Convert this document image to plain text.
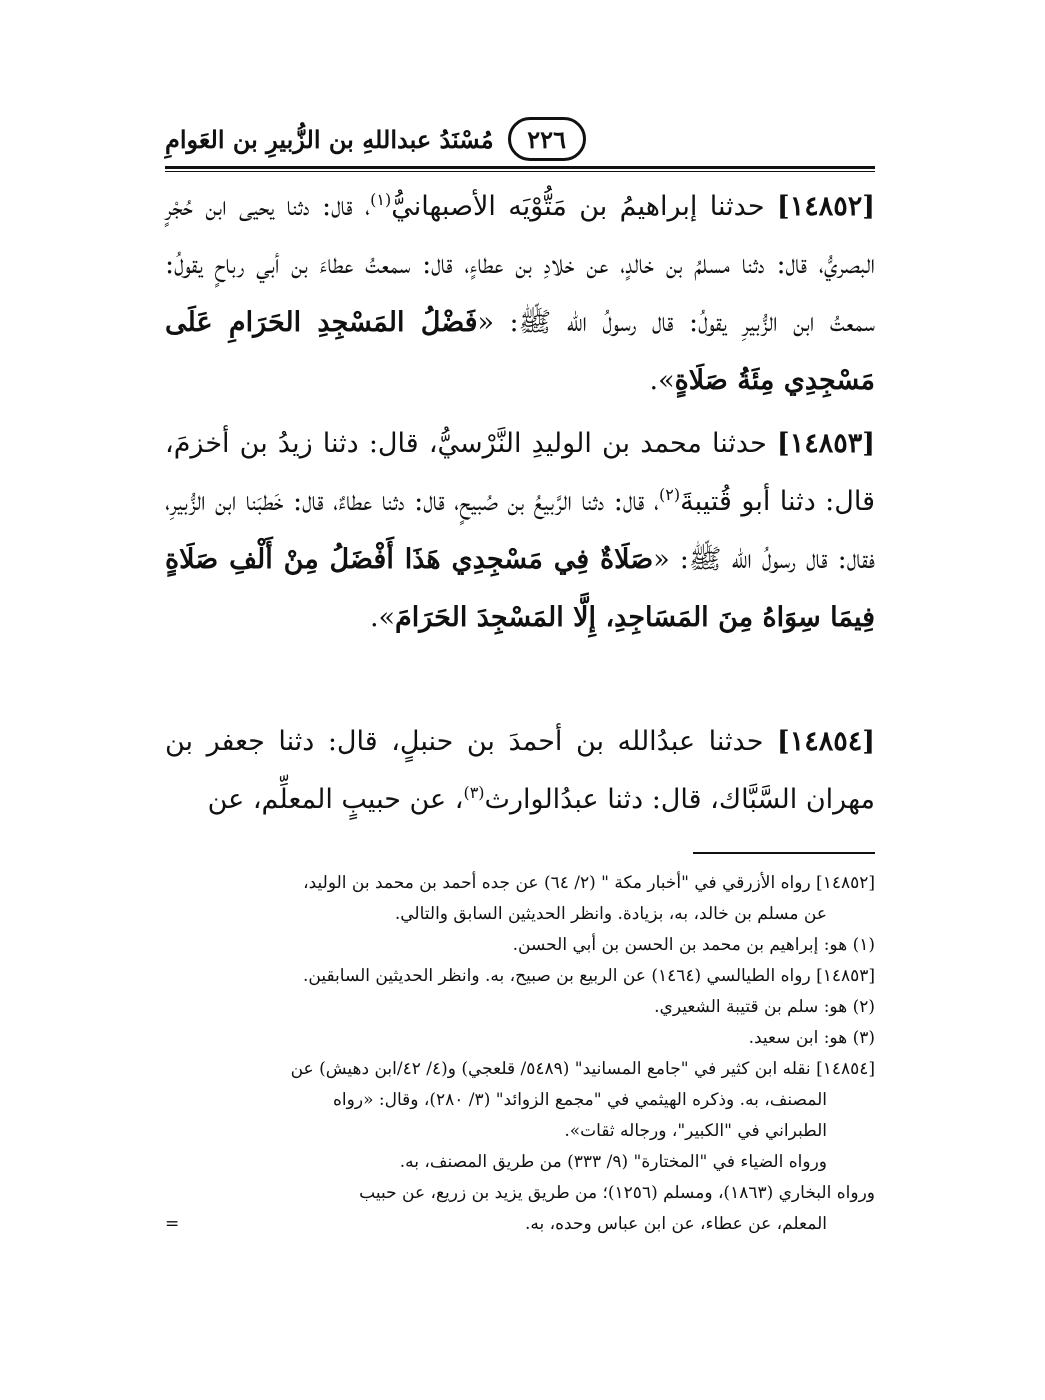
٢٢٦
مُسْنَدُ عبداللهِ بن الزُّبيرِ بن العَوامِ

[١٤٨٥٢] حدثنا إبراهيمُ بن مَتُّوْيَه الأصبهانيُّ$^{(١)}$، قال: دثنا يحيى ابن حُجْرٍ البصريُّ، قال: دثنا مسلمُ بن خالدٍ، عن خلادِ بن عطاءٍ، قال: سمعتُ عطاءَ بن أبي رباحٍ يقولُ: سمعتُ ابن الزُّبيرِ يقولُ: قال رسولُ الله ﷺ: «فَضْلُ المَسْجِدِ الحَرَامِ عَلَى مَسْجِدِي مِئَةُ صَلَاةٍ».

[١٤٨٥٣] حدثنا محمد بن الوليدِ النَّرْسيُّ، قال: دثنا زيدُ بن أخزمَ، قال: دثنا أبو قُتيبةَ$^{(٢)}$، قال: دثنا الرَّبيعُ بن صُبيحٍ، قال: دثنا عطاءٌ، قال: خَطبَنا ابن الزُّبيرِ، فقال: قال رسولُ الله ﷺ: «صَلَاةٌ فِي مَسْجِدِي هَذَا أَفْضَلُ مِنْ أَلْفِ صَلَاةٍ فِيمَا سِوَاهُ مِنَ المَسَاجِدِ، إِلَّا المَسْجِدَ الحَرَامَ».

[١٤٨٥٤] حدثنا عبدُالله بن أحمدَ بن حنبلٍ، قال: دثنا جعفر بن مهران السَّبَّاك، قال: دثنا عبدُالوارث$^{(٣)}$، عن حبيبٍ المعلِّم، عن

[١٤٨٥٢] رواه الأزرقي في "أخبار مكة " (٢/ ٦٤) عن جده أحمد بن محمد بن الوليد،

عن مسلم بن خالد، به، بزيادة. وانظر الحديثين السابق والتالي.

(١) هو: إبراهيم بن محمد بن الحسن بن أبي الحسن.

[١٤٨٥٣] رواه الطيالسي (١٤٦٤) عن الربيع بن صبيح، به. وانظر الحديثين السابقين.

(٢) هو: سلم بن قتيبة الشعيري.

(٣) هو: ابن سعيد.

[١٤٨٥٤] نقله ابن كثير في "جامع المسانيد" (٥٤٨٩/ قلعجي) و(٤/ ٤٢/ابن دهيش) عن

المصنف، به. وذكره الهيثمي في "مجمع الزوائد" (٣/ ٢٨٠)، وقال: «رواه

الطبراني في "الكبير"، ورجاله ثقات».

ورواه الضياء في "المختارة" (٩/ ٣٣٣) من طريق المصنف، به.

ورواه البخاري (١٨٦٣)، ومسلم (١٢٥٦)؛ من طريق يزيد بن زريع، عن حبيب

المعلم، عن عطاء، عن ابن عباس وحده، به.

=
